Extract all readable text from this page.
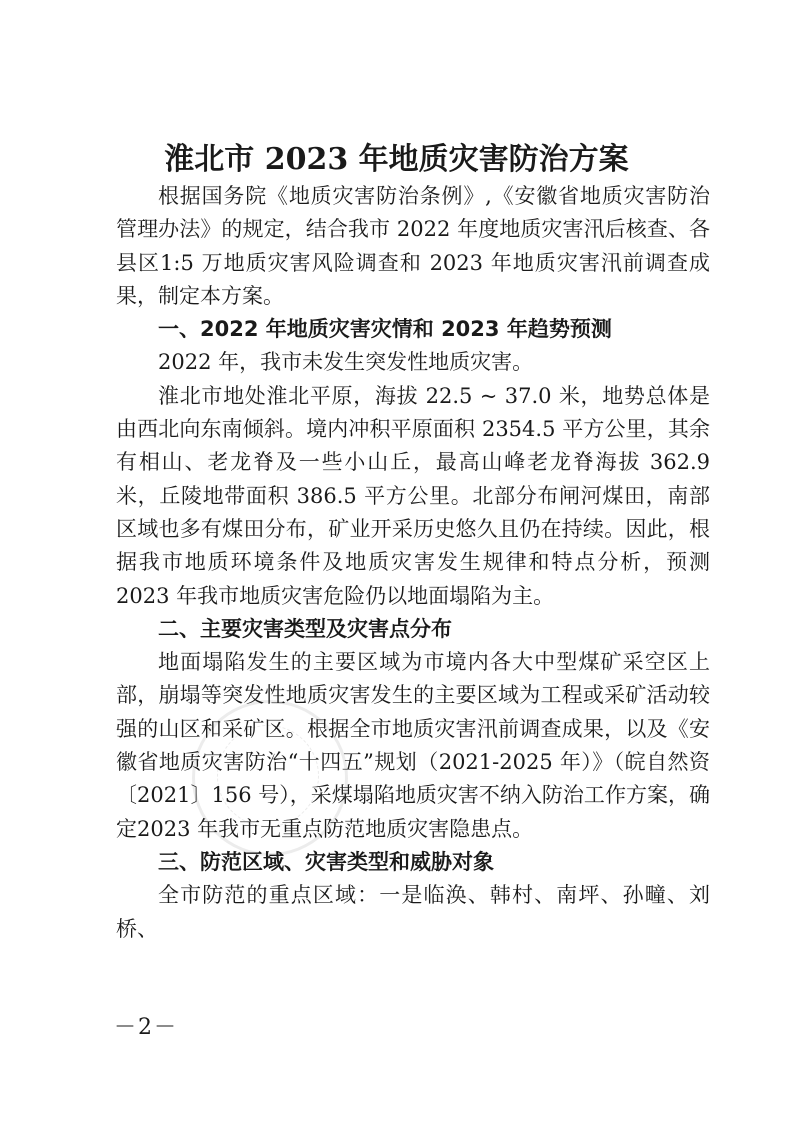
淮北市 2023 年地质灾害防治方案

根据国务院《地质灾害防治条例》,《安徽省地质灾害防治管理办法》的规定，结合我市 2022 年度地质灾害汛后核查、各县区1:5 万地质灾害风险调查和 2023 年地质灾害汛前调查成果，制定本方案。

一、2022 年地质灾害灾情和 2023 年趋势预测

2022 年，我市未发生突发性地质灾害。

淮北市地处淮北平原，海拔 22.5 ~ 37.0 米，地势总体是由西北向东南倾斜。境内冲积平原面积 2354.5 平方公里，其余有相山、老龙脊及一些小山丘，最高山峰老龙脊海拔 362.9 米，丘陵地带面积 386.5 平方公里。北部分布闸河煤田，南部区域也多有煤田分布，矿业开采历史悠久且仍在持续。因此，根据我市地质环境条件及地质灾害发生规律和特点分析，预测 2023 年我市地质灾害危险仍以地面塌陷为主。

二、主要灾害类型及灾害点分布

地面塌陷发生的主要区域为市境内各大中型煤矿采空区上部，崩塌等突发性地质灾害发生的主要区域为工程或采矿活动较强的山区和采矿区。根据全市地质灾害汛前调查成果，以及《安徽省地质灾害防治“十四五”规划（2021-2025 年）》（皖自然资〔2021〕156 号），采煤塌陷地质灾害不纳入防治工作方案，确定2023 年我市无重点防范地质灾害隐患点。

三、防范区域、灾害类型和威胁对象

全市防范的重点区域：一是临涣、韩村、南坪、孙疃、刘桥、

－2－
